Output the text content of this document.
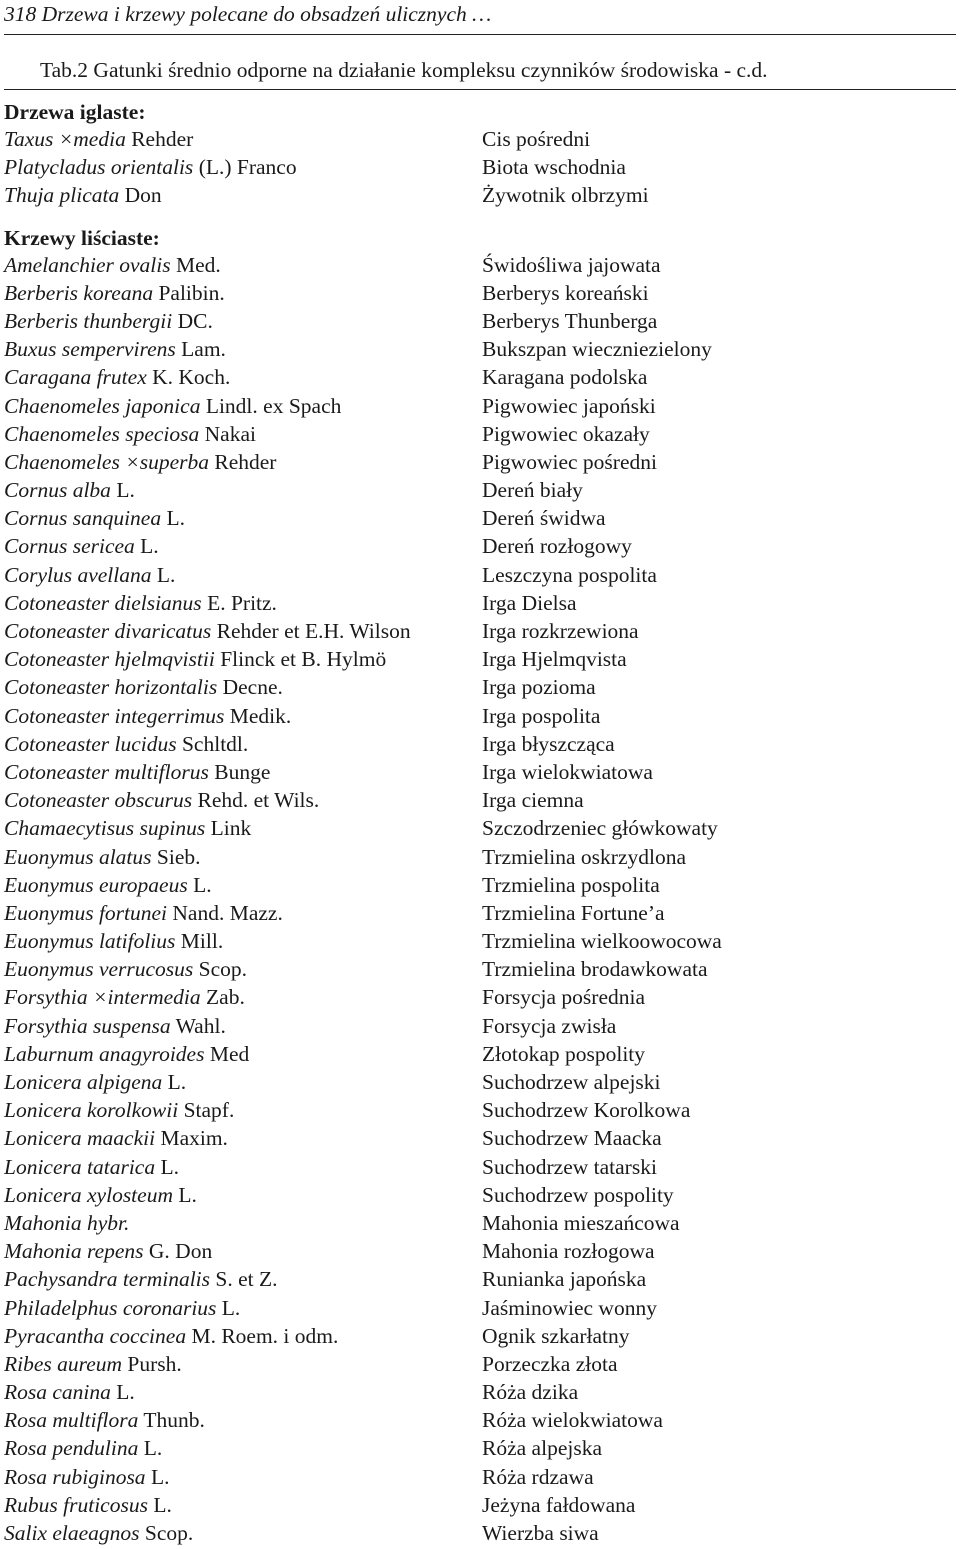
318 Drzewa i krzewy polecane do obsadzeń ulicznych …
Tab.2 Gatunki średnio odporne na działanie kompleksu czynników środowiska - c.d.
Drzewa iglaste:
Taxus ×media Rehder	Cis pośredni
Platycladus orientalis (L.) Franco	Biota wschodnia
Thuja plicata Don	Żywotnik olbrzymi
Krzewy liściaste:
Amelanchier ovalis Med.	Świdośliwa jajowata
Berberis koreana Palibin.	Berberys koreański
Berberis thunbergii DC.	Berberys Thunberga
Buxus sempervirens Lam.	Bukszpan wieczniezielony
Caragana frutex K. Koch.	Karagana podolska
Chaenomeles japonica Lindl. ex Spach	Pigwowiec japoński
Chaenomeles speciosa Nakai	Pigwowiec okazały
Chaenomeles ×superba Rehder	Pigwowiec pośredni
Cornus alba L.	Dereń biały
Cornus sanquinea L.	Dereń świdwa
Cornus sericea L.	Dereń rozłogowy
Corylus avellana L.	Leszczyna pospolita
Cotoneaster dielsianus E. Pritz.	Irga Dielsa
Cotoneaster divaricatus Rehder et E.H. Wilson	Irga rozkrzewiona
Cotoneaster hjelmqvistii Flinck et B. Hylmö	Irga Hjelmqvista
Cotoneaster horizontalis Decne.	Irga pozioma
Cotoneaster integerrimus Medik.	Irga pospolita
Cotoneaster lucidus Schltdl.	Irga błyszcząca
Cotoneaster multiflorus Bunge	Irga wielokwiatowa
Cotoneaster obscurus Rehd. et Wils.	Irga ciemna
Chamaecytisus supinus Link	Szczodrzeniec główkowaty
Euonymus alatus Sieb.	Trzmielina oskrzydlona
Euonymus europaeus L.	Trzmielina pospolita
Euonymus fortunei Nand. Mazz.	Trzmielina Fortune’a
Euonymus latifolius Mill.	Trzmielina wielkoowocowa
Euonymus verrucosus Scop.	Trzmielina brodawkowata
Forsythia ×intermedia Zab.	Forsycja pośrednia
Forsythia suspensa Wahl.	Forsycja zwisła
Laburnum anagyroides Med	Złotokap pospolity
Lonicera alpigena L.	Suchodrzew alpejski
Lonicera korolkowii Stapf.	Suchodrzew Korolkowa
Lonicera maackii Maxim.	Suchodrzew Maacka
Lonicera tatarica L.	Suchodrzew tatarski
Lonicera xylosteum L.	Suchodrzew pospolity
Mahonia hybr.	Mahonia mieszańcowa
Mahonia repens G. Don	Mahonia rozłogowa
Pachysandra terminalis S. et Z.	Runianka japońska
Philadelphus coronarius L.	Jaśminowiec wonny
Pyracantha coccinea M. Roem. i odm.	Ognik szkarłatny
Ribes aureum Pursh.	Porzeczka złota
Rosa canina L.	Róża dzika
Rosa multiflora Thunb.	Róża wielokwiatowa
Rosa pendulina L.	Róża alpejska
Rosa rubiginosa L.	Róża rdzawa
Rubus fruticosus L.	Jeżyna fałdowana
Salix elaeagnos Scop.	Wierzba siwa
